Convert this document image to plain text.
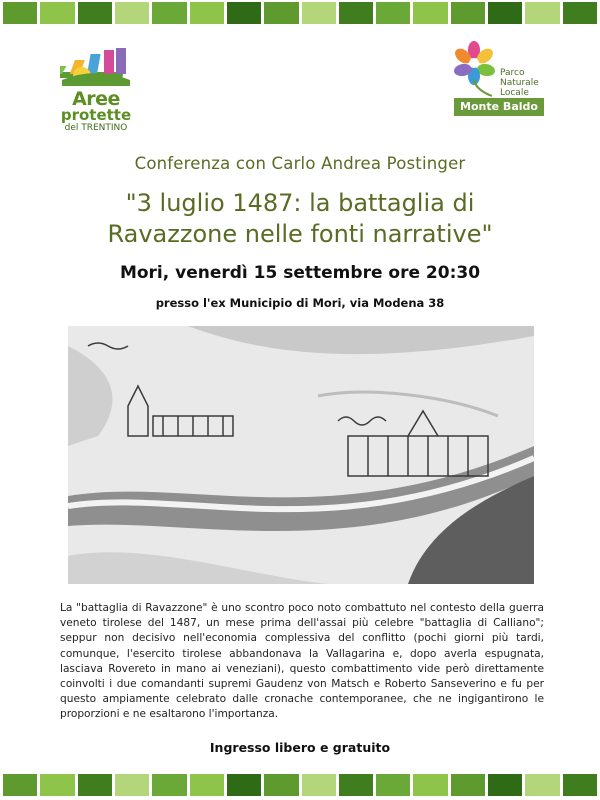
Aree
protette
del TRENTINO
Parco
Naturale
Locale
Monte Baldo
Conferenza con Carlo Andrea Postinger
"3 luglio 1487: la battaglia di
Ravazzone nelle fonti narrative"
Mori, venerdì 15 settembre ore 20:30
presso l'ex Municipio di Mori, via Modena 38
La "battaglia di Ravazzone" è uno scontro poco noto combattuto nel contesto della guerra veneto tirolese del 1487, un mese prima dell'assai più celebre "battaglia di Calliano"; seppur non decisivo nell'economia complessiva del conflitto (pochi giorni più tardi, comunque, l'esercito tirolese abbandonava la Vallagarina e, dopo averla espugnata, lasciava Rovereto in mano ai veneziani), questo combattimento vide però direttamente coinvolti i due comandanti supremi Gaudenz von Matsch e Roberto Sanseverino e fu per questo ampiamente celebrato dalle cronache contemporanee, che ne ingigantirono le proporzioni e ne esaltarono l'importanza.
Ingresso libero e gratuito
